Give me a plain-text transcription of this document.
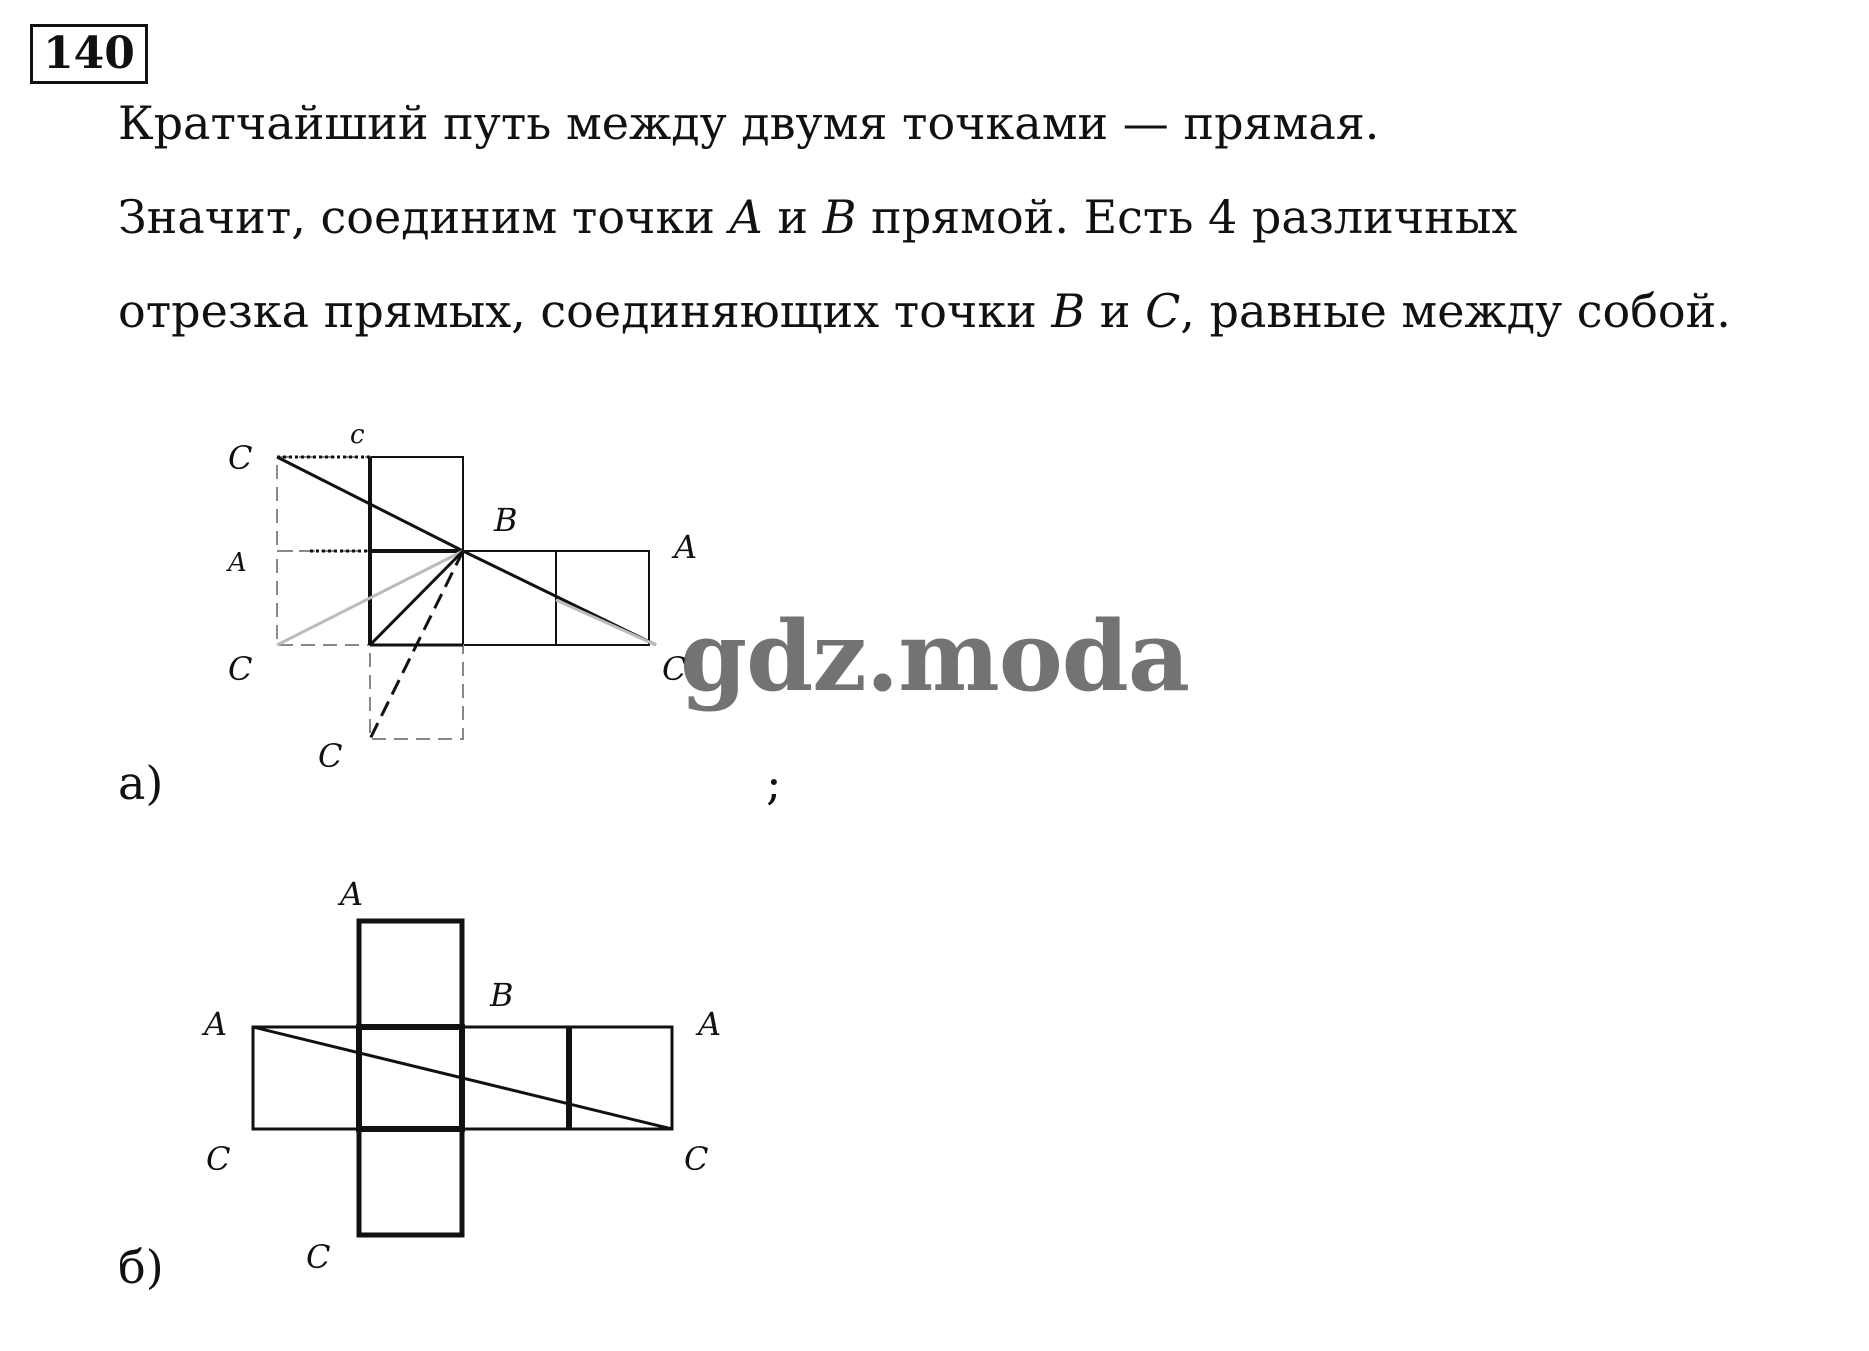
140
Кратчайший путь между двумя точками — прямая.
Значит, соединим точки A и B прямой. Есть 4 различных
отрезка прямых, соединяющих точки B и C, равные между собой.
C
c
B
A	A
C	C
C
A
B
A	A
C	C
C
а)	;
б)
gdz.moda
